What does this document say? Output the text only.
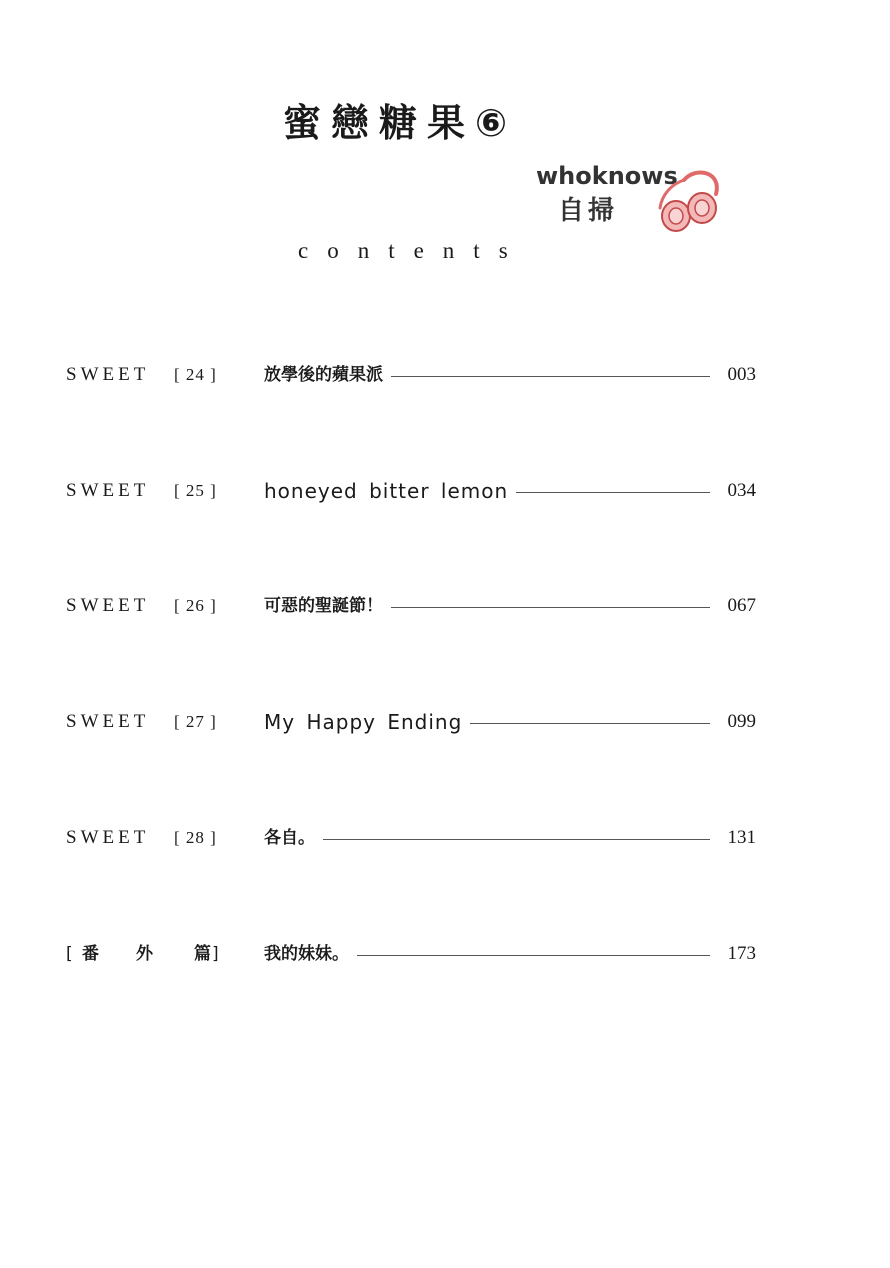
蜜戀糖果⑥
whoknows
自掃
contents
SWEET	[ 24 ]	放學後的蘋果派	003
SWEET	[ 25 ] honeyed bitter lemon	034
SWEET	[ 26 ]	可惡的聖誕節！	067
SWEET	[ 27 ] My Happy Ending	099
SWEET	[ 28 ]	各自。	131
[ 番 外 篇 ]	我的妹妹。	173
